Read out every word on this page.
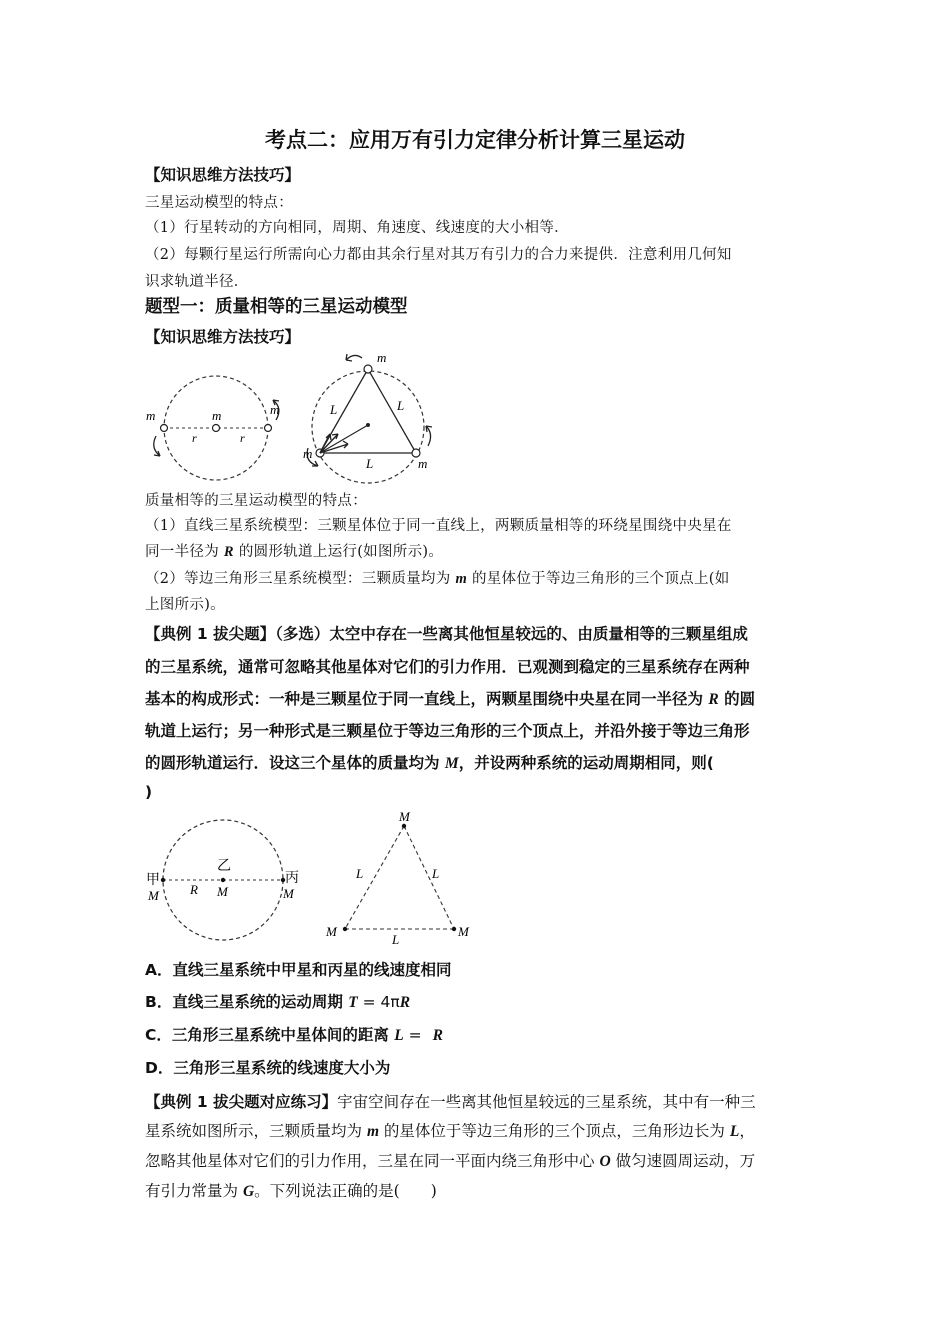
考点二：应用万有引力定律分析计算三星运动
【知识思维方法技巧】
三星运动模型的特点：
（1）行星转动的方向相同，周期、角速度、线速度的大小相等．
（2）每颗行星运行所需向心力都由其余行星对其万有引力的合力来提供．注意利用几何知
识求轨道半径．
题型一：质量相等的三星运动模型
【知识思维方法技巧】
m	m	m
r	r
m
m
m
L	L
L
质量相等的三星运动模型的特点：
（1）直线三星系统模型：三颗星体位于同一直线上，两颗质量相等的环绕星围绕中央星在
同一半径为 R 的圆形轨道上运行(如图所示)。
（2）等边三角形三星系统模型：三颗质量均为 m 的星体位于等边三角形的三个顶点上(如
上图所示)。
【典例 1 拔尖题】（多选）太空中存在一些离其他恒星较远的、由质量相等的三颗星组成
的三星系统，通常可忽略其他星体对它们的引力作用．已观测到稳定的三星系统存在两种
基本的构成形式：一种是三颗星位于同一直线上，两颗星围绕中央星在同一半径为 R 的圆
轨道上运行；另一种形式是三颗星位于等边三角形的三个顶点上，并沿外接于等边三角形
的圆形轨道运行．设这三个星体的质量均为 M，并设两种系统的运动周期相同，则(
)
甲
M
乙
M
丙
M
R
M
M	M
L	L
L
A．直线三星系统中甲星和丙星的线速度相同
B．直线三星系统的运动周期 T = 4πR
C．三角形三星系统中星体间的距离 L = R
D．三角形三星系统的线速度大小为
【典例 1 拔尖题对应练习】宇宙空间存在一些离其他恒星较远的三星系统，其中有一种三
星系统如图所示，三颗质量均为 m 的星体位于等边三角形的三个顶点，三角形边长为 L，
忽略其他星体对它们的引力作用，三星在同一平面内绕三角形中心 O 做匀速圆周运动，万
有引力常量为 G。下列说法正确的是(　　)
